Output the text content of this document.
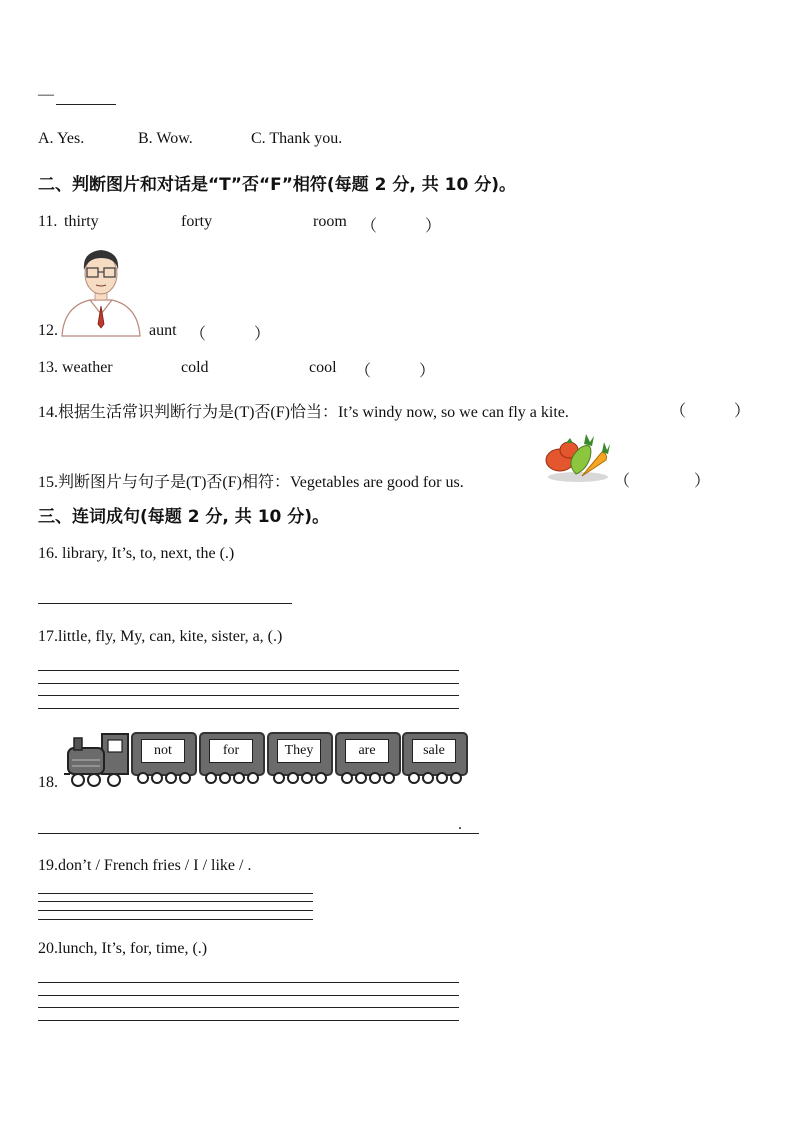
—
A. Yes.	B. Wow.	C. Thank you.
二、判断图片和对话是“T”否“F”相符(每题 2 分, 共 10 分)。
11. thirty	forty	room （　　　）
12.	aunt （　　　）
13. weather	cold	cool （　　　）
14.根据生活常识判断行为是(T)否(F)恰当：It’s windy now, so we can fly a kite.	（　　　）
15.判断图片与句子是(T)否(F)相符：Vegetables are good for us.	（　　　　）
三、连词成句(每题 2 分, 共 10 分)。
16. library, It’s, to, next, the (.)
17.little, fly, My, can, kite, sister, a, (.)
not	for	They	are	sale
18.
.
19.don’t / French fries / I / like / .
20.lunch, It’s, for, time, (.)
